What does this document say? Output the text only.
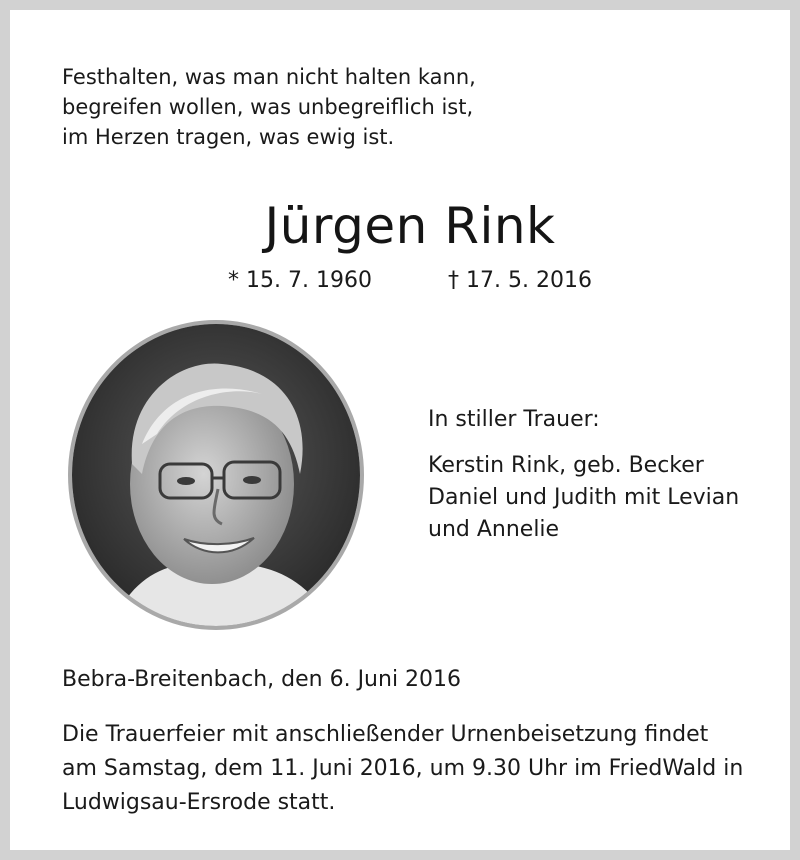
Festhalten, was man nicht halten kann,
begreifen wollen, was unbegreiflich ist,
im Herzen tragen, was ewig ist.
Jürgen Rink
* 15. 7. 1960	† 17. 5. 2016
In stiller Trauer:
Kerstin Rink, geb. Becker
Daniel und Judith mit Levian
und Annelie
Bebra-Breitenbach, den 6. Juni 2016
Die Trauerfeier mit anschließender Urnenbeisetzung findet
am Samstag, dem 11. Juni 2016, um 9.30 Uhr im FriedWald in
Ludwigsau-Ersrode statt.
